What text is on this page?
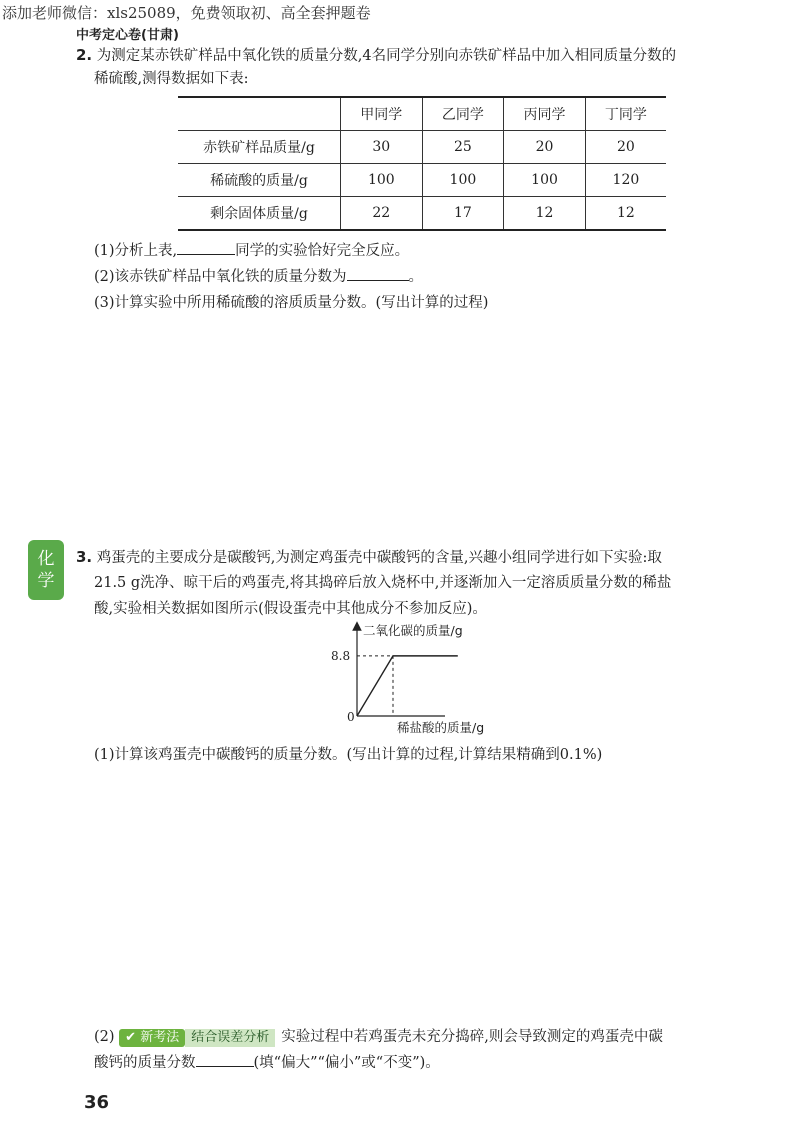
添加老师微信：xls25089，免费领取初、高全套押题卷
中考定心卷(甘肃)
2. 为测定某赤铁矿样品中氧化铁的质量分数,4名同学分别向赤铁矿样品中加入相同质量分数的
稀硫酸,测得数据如下表:
	甲同学	乙同学	丙同学	丁同学
赤铁矿样品质量/g	30	25	20	20
稀硫酸的质量/g	100	100	100	120
剩余固体质量/g	22	17	12	12
(1)分析上表,	同学的实验恰好完全反应。
(2)该赤铁矿样品中氧化铁的质量分数为	。
(3)计算实验中所用稀硫酸的溶质质量分数。(写出计算的过程)
化
学
3. 鸡蛋壳的主要成分是碳酸钙,为测定鸡蛋壳中碳酸钙的含量,兴趣小组同学进行如下实验:取
21.5 g洗净、晾干后的鸡蛋壳,将其捣碎后放入烧杯中,并逐渐加入一定溶质质量分数的稀盐
酸,实验相关数据如图所示(假设蛋壳中其他成分不参加反应)。
二氧化碳的质量/g
稀盐酸的质量/g
0
8.8
(1)计算该鸡蛋壳中碳酸钙的质量分数。(写出计算的过程,计算结果精确到0.1%)
(2) ✔ 新考法 结合误差分析 实验过程中若鸡蛋壳未充分捣碎,则会导致测定的鸡蛋壳中碳
酸钙的质量分数	(填“偏大”“偏小”或“不变”)。
36
